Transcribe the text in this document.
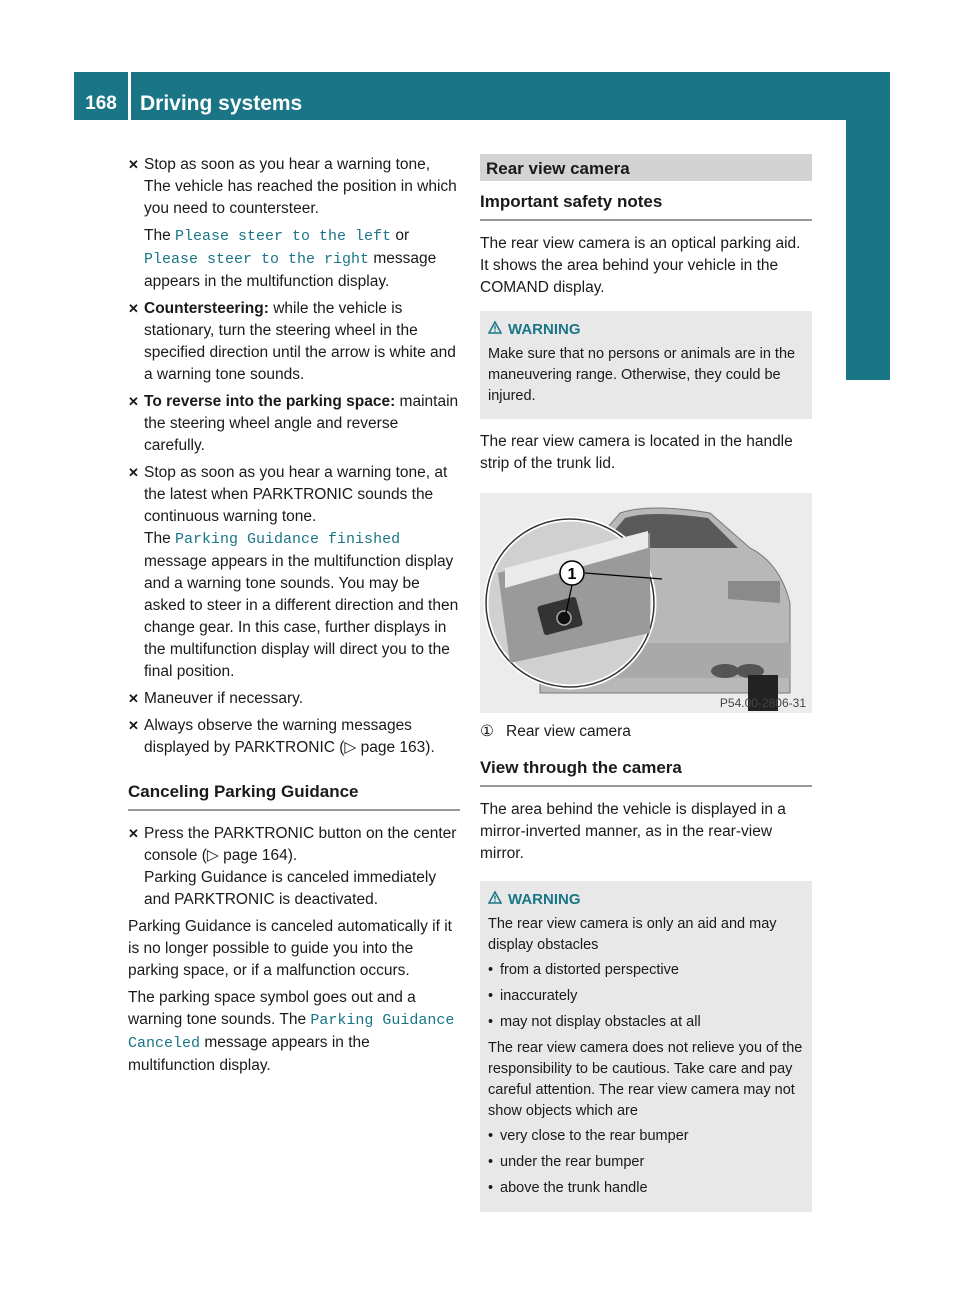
168	Driving systems
Driving and parking
✕ Stop as soon as you hear a warning tone, The vehicle has reached the position in which you need to countersteer.
The Please steer to the left or Please steer to the right message appears in the multifunction display.
✕ Countersteering: while the vehicle is stationary, turn the steering wheel in the specified direction until the arrow is white and a warning tone sounds.
✕ To reverse into the parking space: maintain the steering wheel angle and reverse carefully.
✕ Stop as soon as you hear a warning tone, at the latest when PARKTRONIC sounds the continuous warning tone.
The Parking Guidance finished message appears in the multifunction display and a warning tone sounds. You may be asked to steer in a different direction and then change gear. In this case, further displays in the multifunction display will direct you to the final position.
✕ Maneuver if necessary.
✕ Always observe the warning messages displayed by PARKTRONIC (▷ page 163).
Canceling Parking Guidance
✕ Press the PARKTRONIC button on the center console (▷ page 164).
Parking Guidance is canceled immediately and PARKTRONIC is deactivated.

Parking Guidance is canceled automatically if it is no longer possible to guide you into the parking space, or if a malfunction occurs.

The parking space symbol goes out and a warning tone sounds. The Parking Guidance Canceled message appears in the multifunction display.

Rear view camera
Important safety notes

The rear view camera is an optical parking aid. It shows the area behind your vehicle in the COMAND display.

WARNING

Make sure that no persons or animals are in the maneuvering range. Otherwise, they could be injured.

The rear view camera is located in the handle strip of the trunk lid.

1
P54.00-2806-31
① Rear view camera
View through the camera

The area behind the vehicle is displayed in a mirror-inverted manner, as in the rear-view mirror.

WARNING

The rear view camera is only an aid and may display obstacles

• from a distorted perspective
• inaccurately
• may not display obstacles at all

The rear view camera does not relieve you of the responsibility to be cautious. Take care and pay careful attention. The rear view camera may not show objects which are

• very close to the rear bumper
• under the rear bumper
• above the trunk handle
